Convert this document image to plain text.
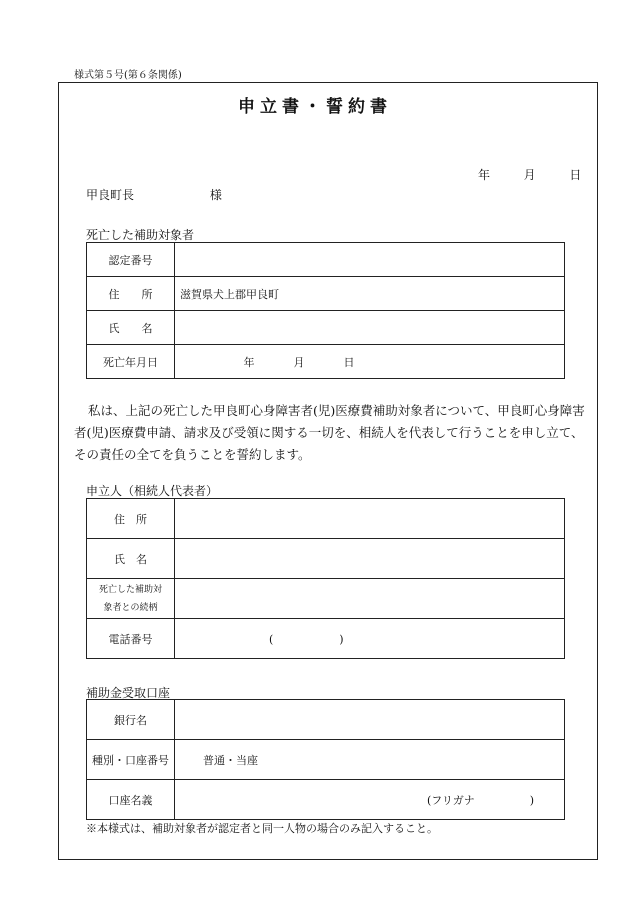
様式第５号(第６条関係)
申立書・誓約書
年	月	日
甲良町長	様
死亡した補助対象者
認定番号	
住　　所	滋賀県犬上郡甲良町
氏　　名	
死亡年月日	年 月 日
私は、上記の死亡した甲良町心身障害者(児)医療費補助対象者について、甲良町心身障害者(児)医療費申請、請求及び受領に関する一切を、相続人を代表して行うことを申し立て、その責任の全てを負うことを誓約します。
申立人（相続人代表者）
住　所	
氏　名	

死亡した補助対
象者との続柄	

電話番号	(　　　　　　)
補助金受取口座
銀行名	
種別・口座番号	普通・当座
口座名義	(フリガナ　　　　　)
※本様式は、補助対象者が認定者と同一人物の場合のみ記入すること。
